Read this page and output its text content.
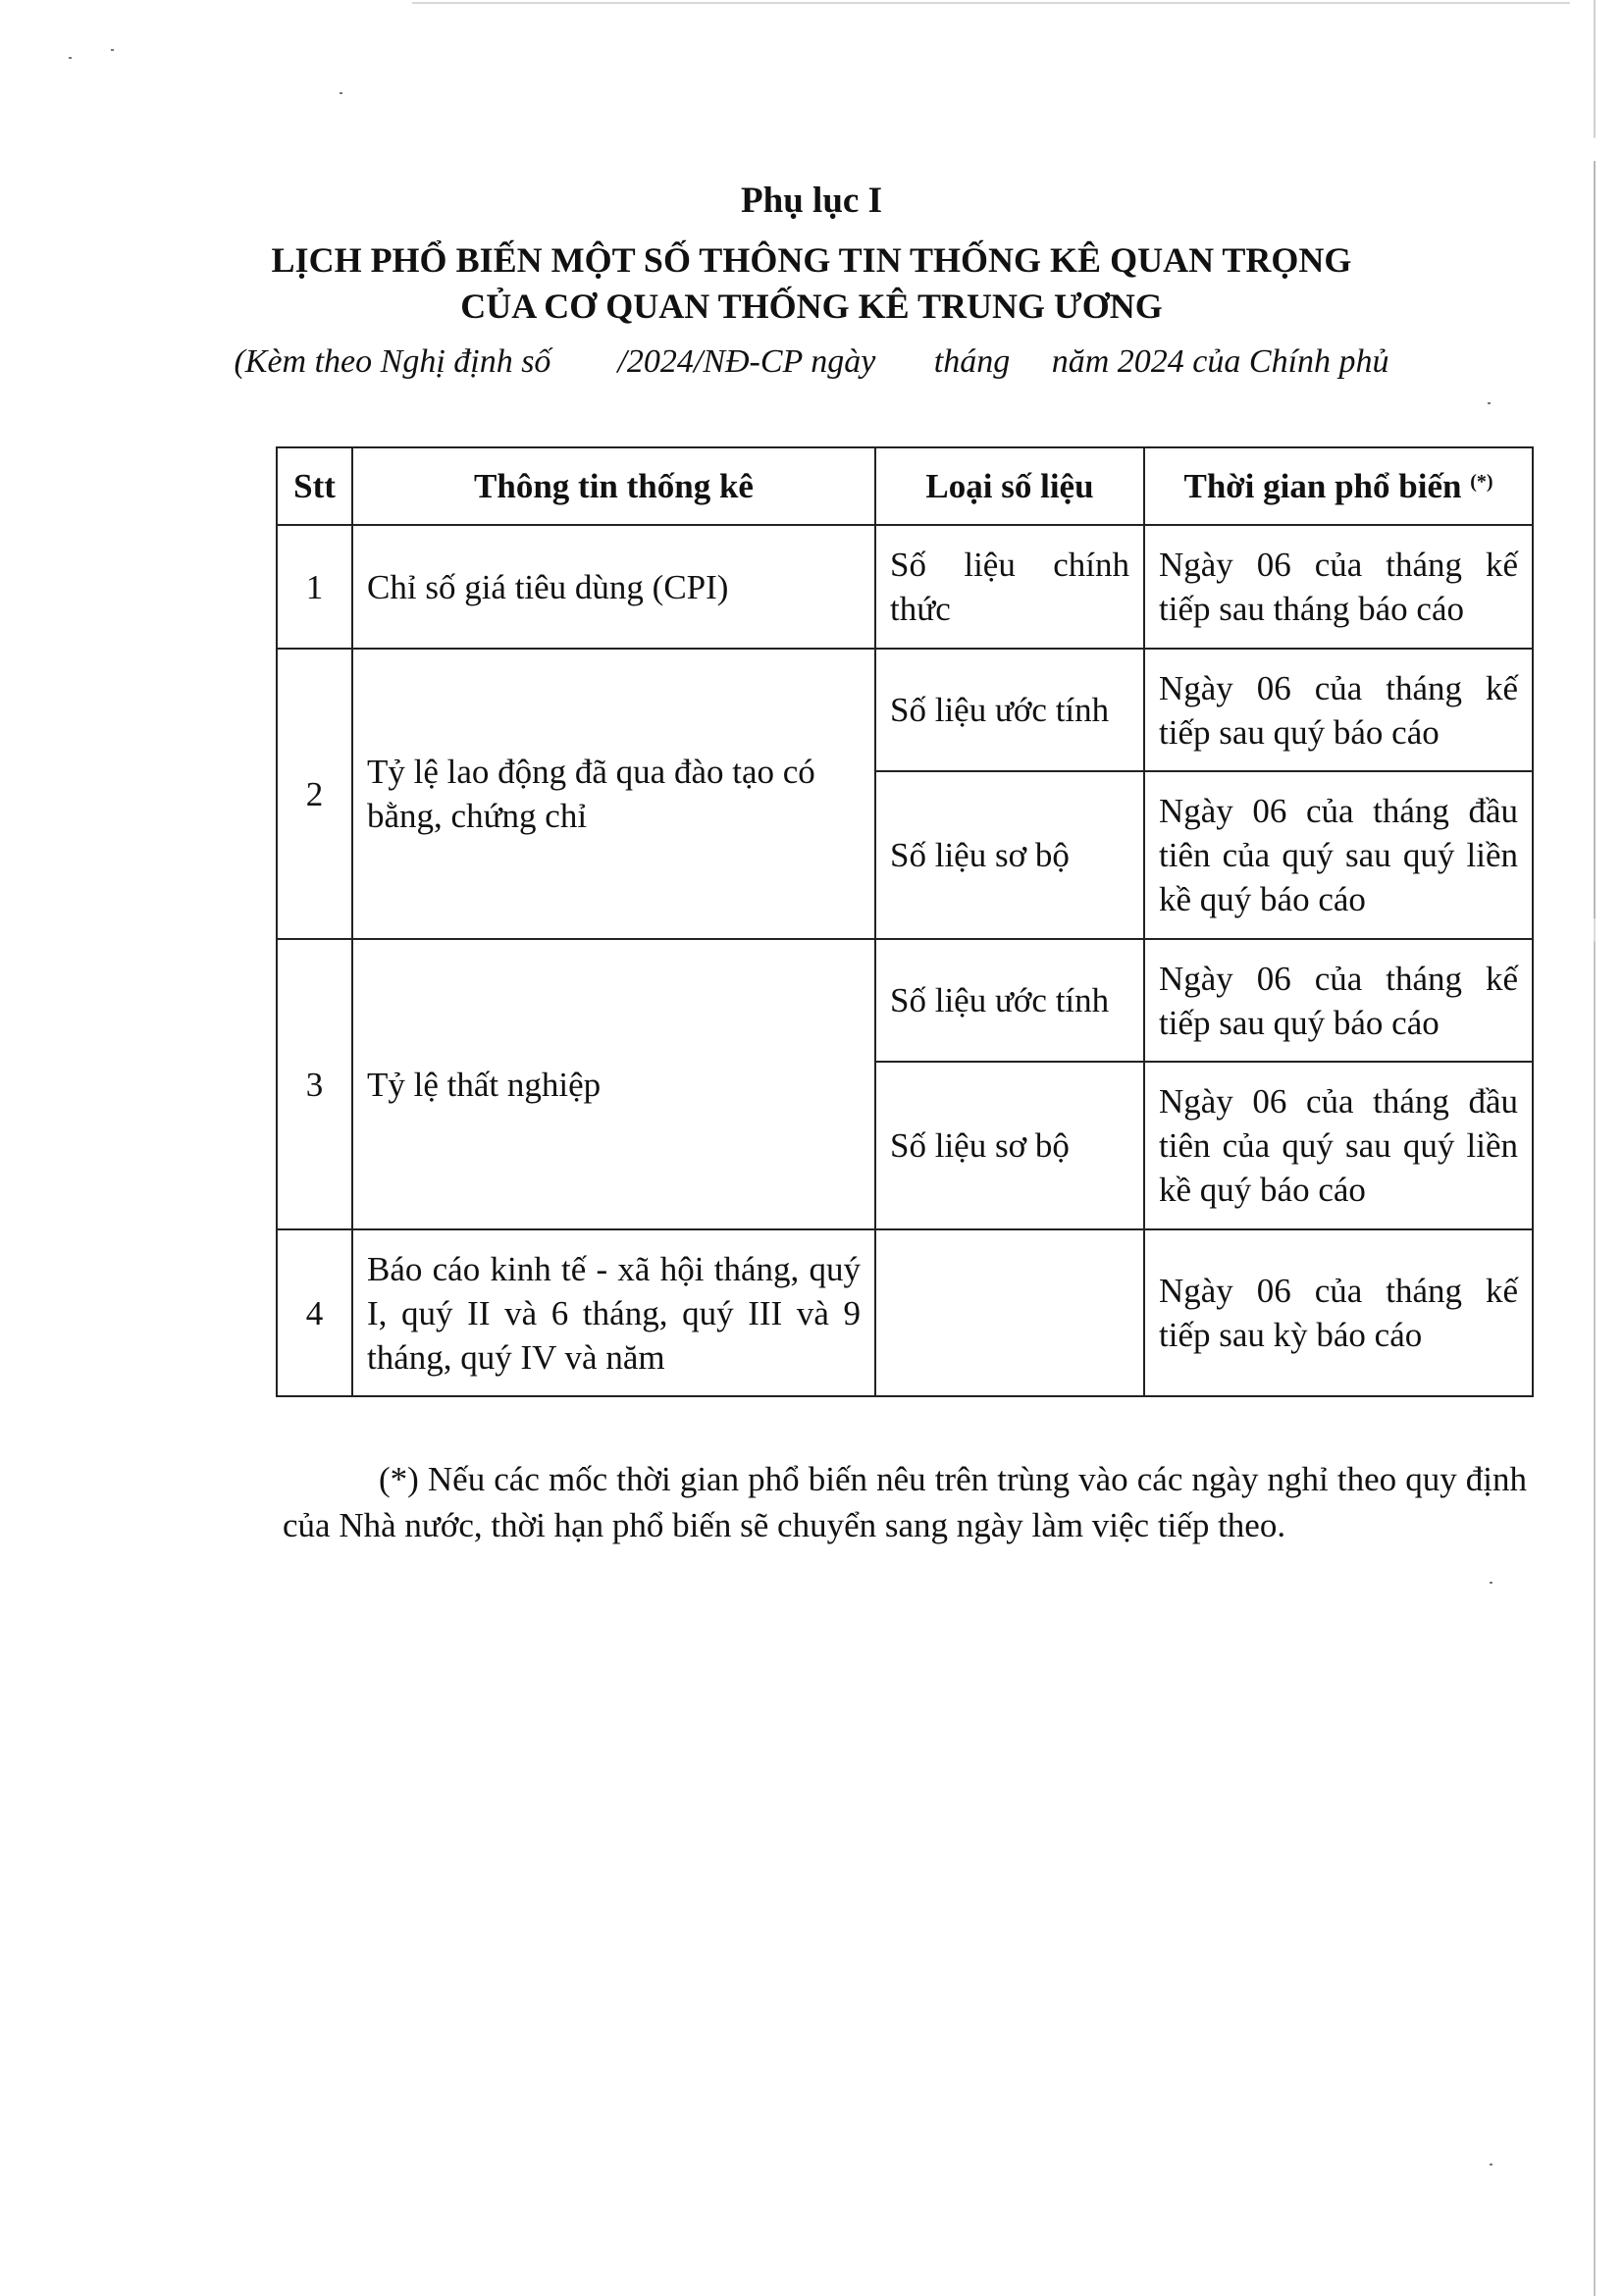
Phụ lục I
LỊCH PHỔ BIẾN MỘT SỐ THÔNG TIN THỐNG KÊ QUAN TRỌNG
CỦA CƠ QUAN THỐNG KÊ TRUNG ƯƠNG
(Kèm theo Nghị định số        /2024/NĐ-CP ngày       tháng     năm 2024 của Chính phủ
Stt	Thông tin thống kê	Loại số liệu	Thời gian phổ biến (*)
1	Chỉ số giá tiêu dùng (CPI)	Số liệu chính thức	Ngày 06 của tháng kế tiếp sau tháng báo cáo
2	Tỷ lệ lao động đã qua đào tạo có bằng, chứng chỉ	Số liệu ước tính	Ngày 06 của tháng kế tiếp sau quý báo cáo
		Số liệu sơ bộ	Ngày 06 của tháng đầu tiên của quý sau quý liền kề quý báo cáo
3	Tỷ lệ thất nghiệp	Số liệu ước tính	Ngày 06 của tháng kế tiếp sau quý báo cáo
		Số liệu sơ bộ	Ngày 06 của tháng đầu tiên của quý sau quý liền kề quý báo cáo
4	Báo cáo kinh tế - xã hội tháng, quý I, quý II và 6 tháng, quý III và 9 tháng, quý IV và năm		Ngày 06 của tháng kế tiếp sau kỳ báo cáo
(*) Nếu các mốc thời gian phổ biến nêu trên trùng vào các ngày nghỉ theo quy định của Nhà nước, thời hạn phổ biến sẽ chuyển sang ngày làm việc tiếp theo.
